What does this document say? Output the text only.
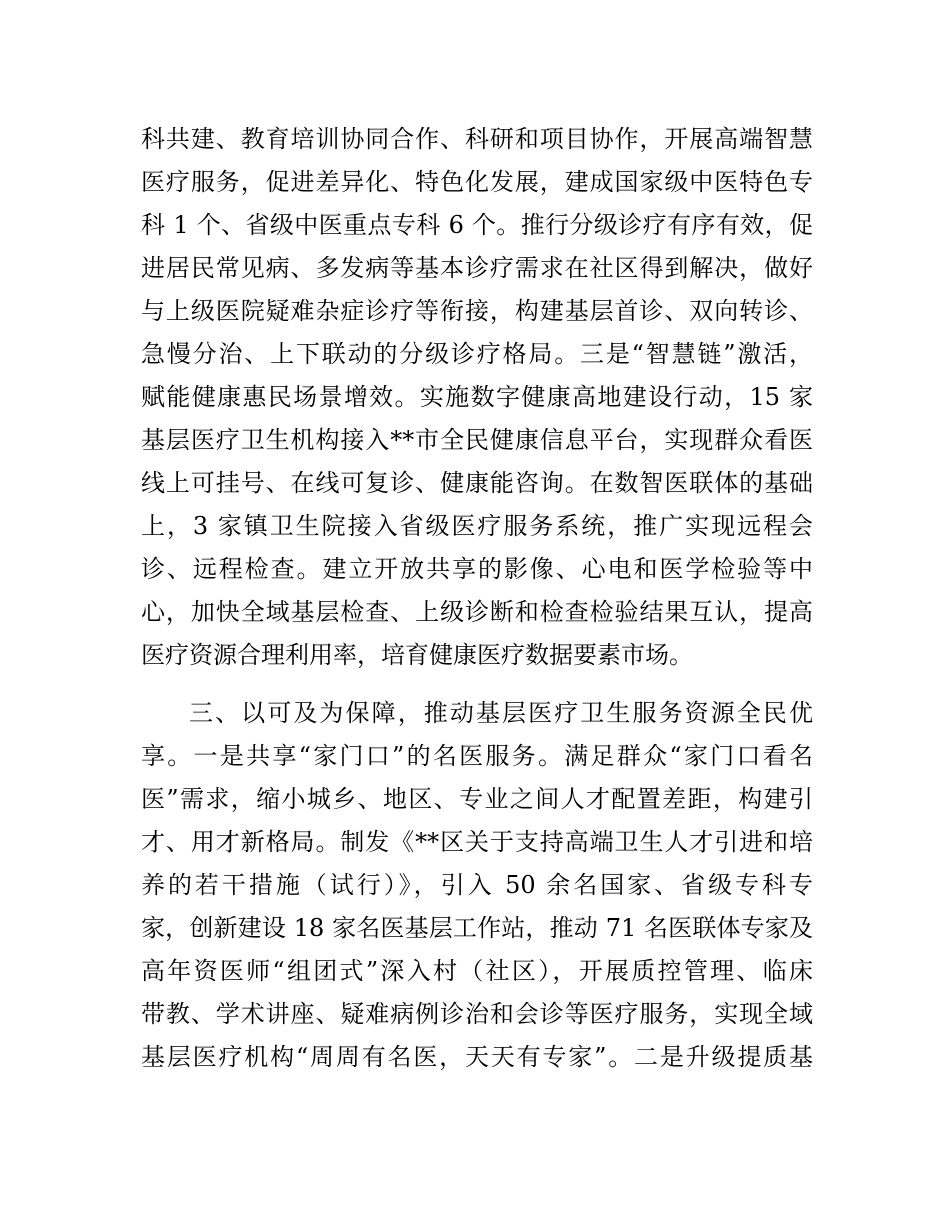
科共建、教育培训协同合作、科研和项目协作，开展高端智慧
医疗服务，促进差异化、特色化发展，建成国家级中医特色专
科 1 个、省级中医重点专科 6 个。推行分级诊疗有序有效，促
进居民常见病、多发病等基本诊疗需求在社区得到解决，做好
与上级医院疑难杂症诊疗等衔接，构建基层首诊、双向转诊、
急慢分治、上下联动的分级诊疗格局。三是“智慧链”激活，
赋能健康惠民场景增效。实施数字健康高地建设行动，15 家
基层医疗卫生机构接入**市全民健康信息平台，实现群众看医
线上可挂号、在线可复诊、健康能咨询。在数智医联体的基础
上，3 家镇卫生院接入省级医疗服务系统，推广实现远程会
诊、远程检查。建立开放共享的影像、心电和医学检验等中
心，加快全域基层检查、上级诊断和检查检验结果互认，提高
医疗资源合理利用率，培育健康医疗数据要素市场。
三、以可及为保障，推动基层医疗卫生服务资源全民优
享。一是共享“家门口”的名医服务。满足群众“家门口看名
医”需求，缩小城乡、地区、专业之间人才配置差距，构建引
才、用才新格局。制发《**区关于支持高端卫生人才引进和培
养的若干措施（试行）》，引入 50 余名国家、省级专科专
家，创新建设 18 家名医基层工作站，推动 71 名医联体专家及
高年资医师“组团式”深入村（社区），开展质控管理、临床
带教、学术讲座、疑难病例诊治和会诊等医疗服务，实现全域
基层医疗机构“周周有名医，天天有专家”。二是升级提质基
